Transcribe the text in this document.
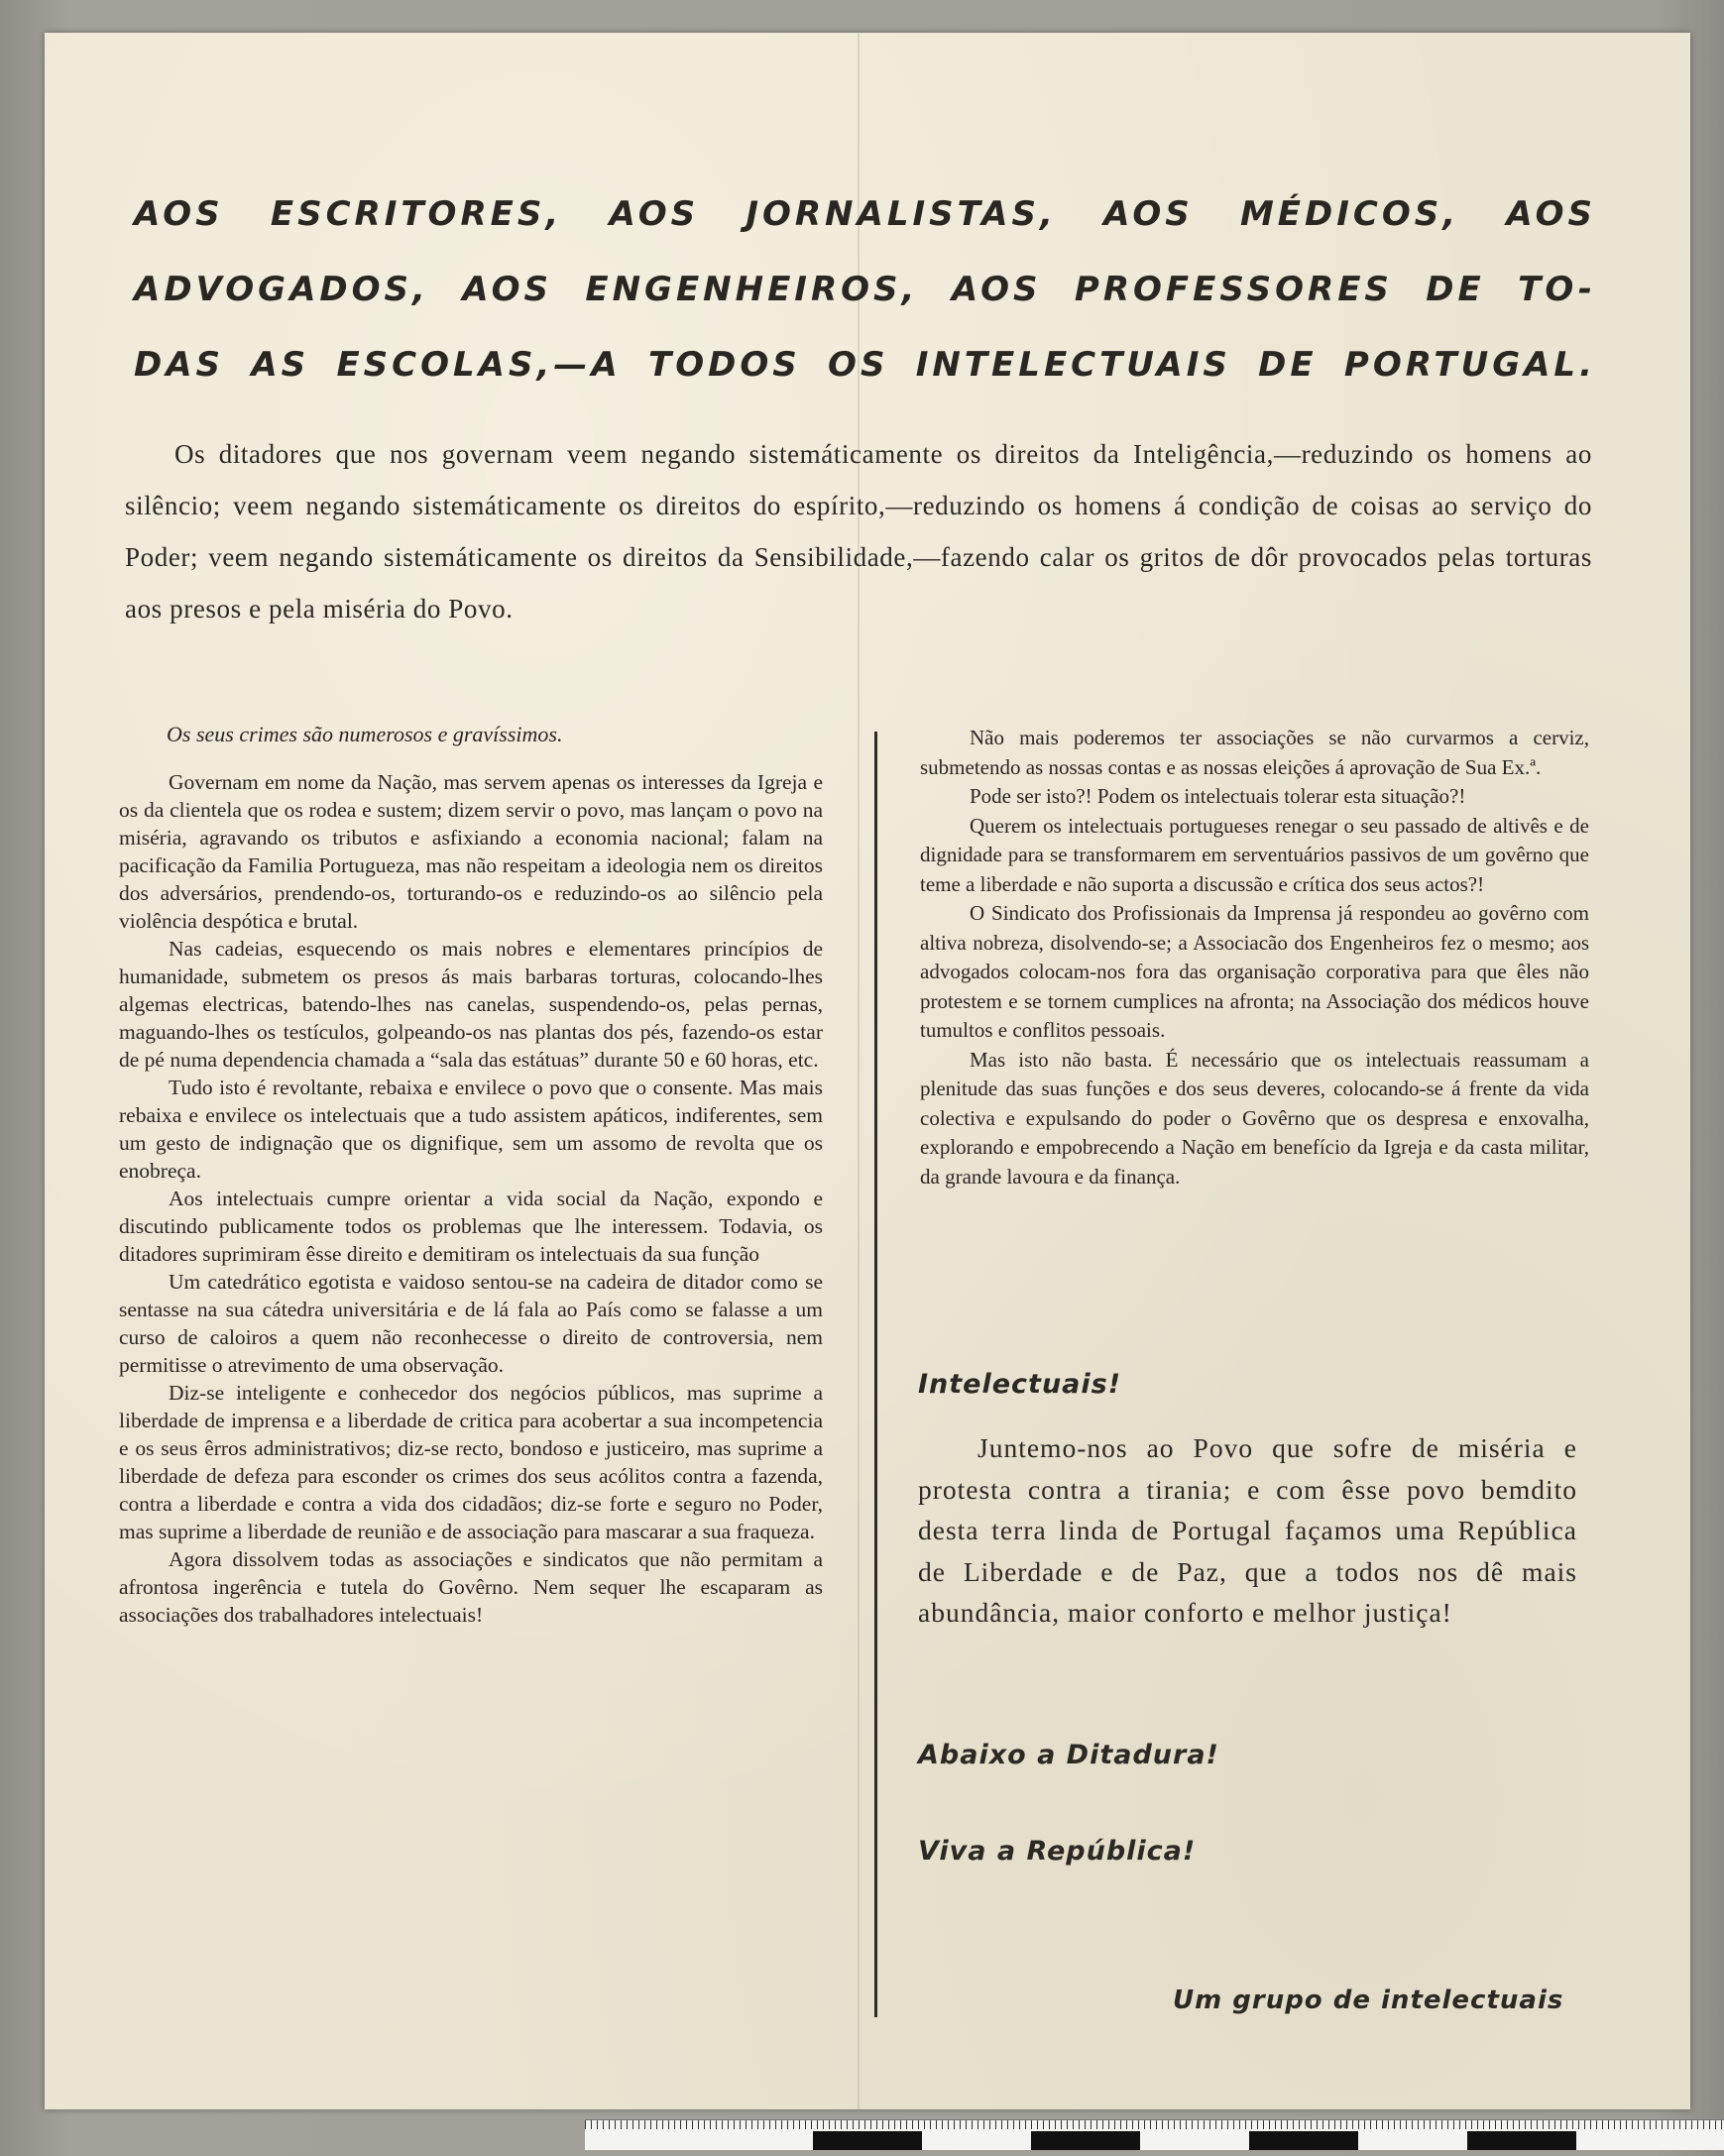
AOS ESCRITORES, AOS JORNALISTAS, AOS MÉDICOS, AOS
ADVOGADOS, AOS ENGENHEIROS, AOS PROFESSORES DE TO-
DAS AS ESCOLAS,—A TODOS OS INTELECTUAIS DE PORTUGAL.

Os ditadores que nos governam veem negando sistemáticamente os direitos da Inteligência,—reduzindo os homens ao silêncio; veem negando sistemáticamente os direitos do espírito,—reduzindo os homens á condição de coisas ao serviço do Poder; veem negando sistemáticamente os direitos da Sensibilidade,—fazendo calar os gritos de dôr provocados pelas torturas aos presos e pela miséria do Povo.

Os seus crimes são numerosos e gravíssimos.

Governam em nome da Nação, mas servem apenas os interesses da Igreja e os da clientela que os rodea e sustem; dizem servir o povo, mas lançam o povo na miséria, agravando os tributos e asfixiando a economia nacional; falam na pacificação da Familia Portugueza, mas não respeitam a ideologia nem os direitos dos adversários, prendendo-os, torturando-os e reduzindo-os ao silêncio pela violência despótica e brutal.

Nas cadeias, esquecendo os mais nobres e elementares princípios de humanidade, submetem os presos ás mais barbaras torturas, colocando-lhes algemas electricas, batendo-lhes nas canelas, suspendendo-os, pelas pernas, maguando-lhes os testículos, golpeando-os nas plantas dos pés, fazendo-os estar de pé numa dependencia chamada a “sala das estátuas” durante 50 e 60 horas, etc.

Tudo isto é revoltante, rebaixa e envilece o povo que o consente. Mas mais rebaixa e envilece os intelectuais que a tudo assistem apáticos, indiferentes, sem um gesto de indignação que os dignifique, sem um assomo de revolta que os enobreça.

Aos intelectuais cumpre orientar a vida social da Nação, expondo e discutindo publicamente todos os problemas que lhe interessem. Todavia, os ditadores suprimiram êsse direito e demitiram os intelectuais da sua função

Um catedrático egotista e vaidoso sentou-se na cadeira de ditador como se sentasse na sua cátedra universitária e de lá fala ao País como se falasse a um curso de caloiros a quem não reconhecesse o direito de controversia, nem permitisse o atrevimento de uma observação.

Diz-se inteligente e conhecedor dos negócios públicos, mas suprime a liberdade de imprensa e a liberdade de critica para acobertar a sua incompetencia e os seus êrros administrativos; diz-se recto, bondoso e justiceiro, mas suprime a liberdade de defeza para esconder os crimes dos seus acólitos contra a fazenda, contra a liberdade e contra a vida dos cidadãos; diz-se forte e seguro no Poder, mas suprime a liberdade de reunião e de associação para mascarar a sua fraqueza.

Agora dissolvem todas as associações e sindicatos que não permitam a afrontosa ingerência e tutela do Govêrno. Nem sequer lhe escaparam as associações dos trabalhadores intelectuais!

Não mais poderemos ter associações se não curvarmos a cerviz, submetendo as nossas contas e as nossas eleições á aprovação de Sua Ex.ª.

Pode ser isto?! Podem os intelectuais tolerar esta situação?!

Querem os intelectuais portugueses renegar o seu passado de altivês e de dignidade para se transformarem em serventuários passivos de um govêrno que teme a liberdade e não suporta a discussão e crítica dos seus actos?!

O Sindicato dos Profissionais da Imprensa já respondeu ao govêrno com altiva nobreza, disolvendo-se; a Associacão dos Engenheiros fez o mesmo; aos advogados colocam-nos fora das organisação corporativa para que êles não protestem e se tornem cumplices na afronta; na Associação dos médicos houve tumultos e conflitos pessoais.

Mas isto não basta. É necessário que os intelectuais reassumam a plenitude das suas funções e dos seus deveres, colocando-se á frente da vida colectiva e expulsando do poder o Govêrno que os despresa e enxovalha, explorando e empobrecendo a Nação em benefício da Igreja e da casta militar, da grande lavoura e da finança.

Intelectuais!

Juntemo-nos ao Povo que sofre de miséria e protesta contra a tirania; e com êsse povo bemdito desta terra linda de Portugal façamos uma República de Liberdade e de Paz, que a todos nos dê mais abundância, maior conforto e melhor justiça!

Abaixo a Ditadura!
Viva a República!
Um grupo de intelectuais
